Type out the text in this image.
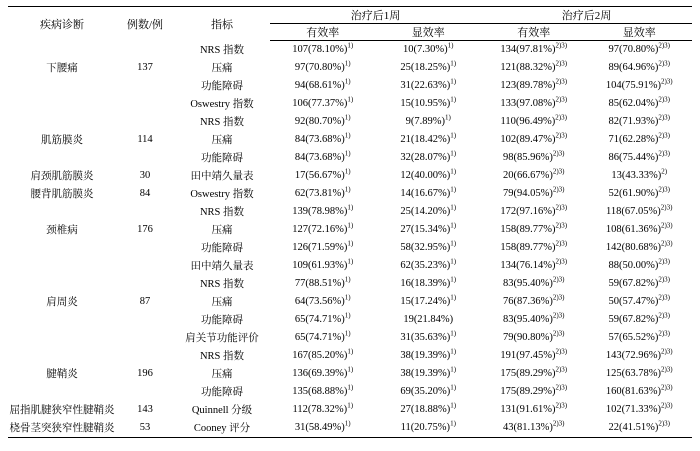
疾病诊断	例数/例	指标	治疗后1周		治疗后2周	
			有效率	显效率	有效率	显效率
		NRS 指数	$107(78.10\%)^{1)}$	$10(7.30\%)^{1)}$	$134(97.81\%)^{2)3)}$	$97(70.80\%)^{2)3)}$
下腰痛	137	压痛	$97(70.80\%)^{1)}$	$25(18.25\%)^{1)}$	$121(88.32\%)^{2)3)}$	$89(64.96\%)^{2)3)}$
		功能障碍	$94(68.61\%)^{1)}$	$31(22.63\%)^{1)}$	$123(89.78\%)^{2)3)}$	$104(75.91\%)^{2)3)}$
		Oswestry 指数	$106(77.37\%)^{1)}$	$15(10.95\%)^{1)}$	$133(97.08\%)^{2)3)}$	$85(62.04\%)^{2)3)}$
		NRS 指数	$92(80.70\%)^{1)}$	$9(7.89\%)^{1)}$	$110(96.49\%)^{2)3)}$	$82(71.93\%)^{2)3)}$
肌筋膜炎	114	压痛	$84(73.68\%)^{1)}$	$21(18.42\%)^{1)}$	$102(89.47\%)^{2)3)}$	$71(62.28\%)^{2)3)}$
		功能障碍	$84(73.68\%)^{1)}$	$32(28.07\%)^{1)}$	$98(85.96\%)^{2)3)}$	$86(75.44\%)^{2)3)}$
肩颈肌筋膜炎	30	田中靖久量表	$17(56.67\%)^{1)}$	$12(40.00\%)^{1)}$	$20(66.67\%)^{2)3)}$	$13(43.33\%)^{2)}$
腰背肌筋膜炎	84	Oswestry 指数	$62(73.81\%)^{1)}$	$14(16.67\%)^{1)}$	$79(94.05\%)^{2)3)}$	$52(61.90\%)^{2)3)}$
		NRS 指数	$139(78.98\%)^{1)}$	$25(14.20\%)^{1)}$	$172(97.16\%)^{2)3)}$	$118(67.05\%)^{2)3)}$
颈椎病	176	压痛	$127(72.16\%)^{1)}$	$27(15.34\%)^{1)}$	$158(89.77\%)^{2)3)}$	$108(61.36\%)^{2)3)}$
		功能障碍	$126(71.59\%)^{1)}$	$58(32.95\%)^{1)}$	$158(89.77\%)^{2)3)}$	$142(80.68\%)^{2)3)}$
		田中靖久量表	$109(61.93\%)^{1)}$	$62(35.23\%)^{1)}$	$134(76.14\%)^{2)3)}$	$88(50.00\%)^{2)3)}$
		NRS 指数	$77(88.51\%)^{1)}$	$16(18.39\%)^{1)}$	$83(95.40\%)^{2)3)}$	$59(67.82\%)^{2)3)}$
肩周炎	87	压痛	$64(73.56\%)^{1)}$	$15(17.24\%)^{1)}$	$76(87.36\%)^{2)3)}$	$50(57.47\%)^{2)3)}$
		功能障碍	$65(74.71\%)^{1)}$	19(21.84%)	$83(95.40\%)^{2)3)}$	$59(67.82\%)^{2)3)}$
		肩关节功能评价	$65(74.71\%)^{1)}$	$31(35.63\%)^{1)}$	$79(90.80\%)^{2)3)}$	$57(65.52\%)^{2)3)}$
		NRS 指数	$167(85.20\%)^{1)}$	$38(19.39\%)^{1)}$	$191(97.45\%)^{2)3)}$	$143(72.96\%)^{2)3)}$
腱鞘炎	196	压痛	$136(69.39\%)^{1)}$	$38(19.39\%)^{1)}$	$175(89.29\%)^{2)3)}$	$125(63.78\%)^{2)3)}$
		功能障碍	$135(68.88\%)^{1)}$	$69(35.20\%)^{1)}$	$175(89.29\%)^{2)3)}$	$160(81.63\%)^{2)3)}$
屈指肌腱狭窄性腱鞘炎	143	Quinnell 分级	$112(78.32\%)^{1)}$	$27(18.88\%)^{1)}$	$131(91.61\%)^{2)3)}$	$102(71.33\%)^{2)3)}$
桡骨茎突狭窄性腱鞘炎	53	Cooney 评分	$31(58.49\%)^{1)}$	$11(20.75\%)^{1)}$	$43(81.13\%)^{2)3)}$	$22(41.51\%)^{2)3)}$
